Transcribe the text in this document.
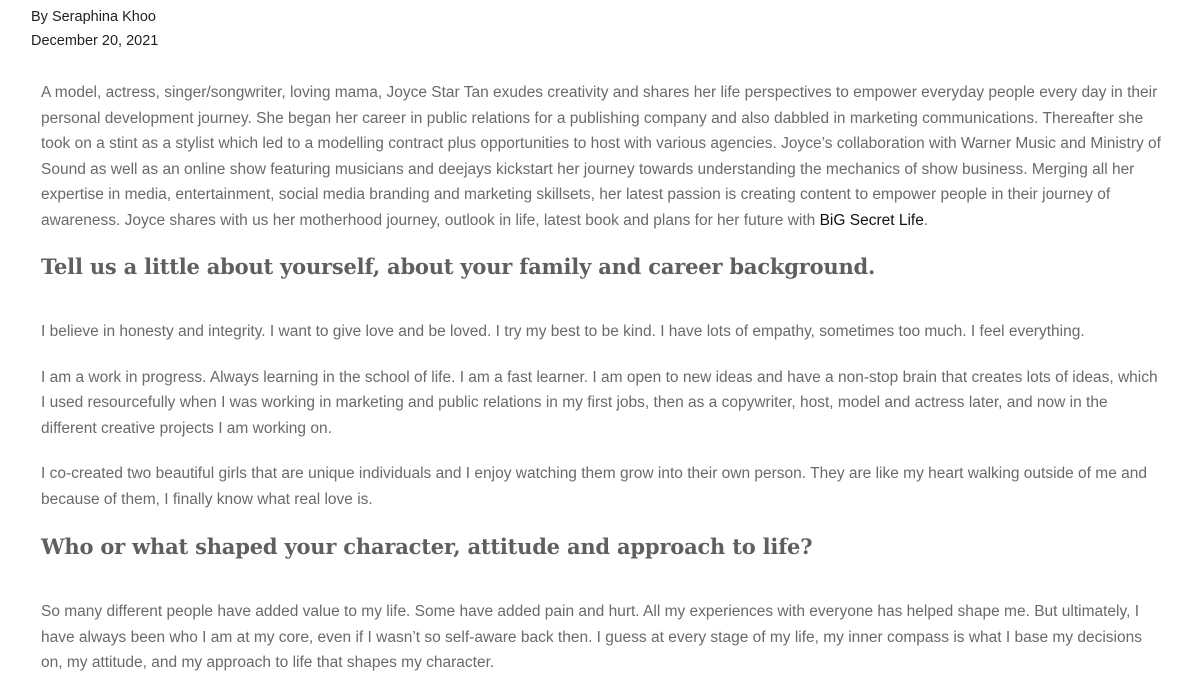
By Seraphina Khoo
December 20, 2021

A model, actress, singer/songwriter, loving mama, Joyce Star Tan exudes creativity and shares her life perspectives to empower everyday people every day in their personal development journey. She began her career in public relations for a publishing company and also dabbled in marketing communications. Thereafter she took on a stint as a stylist which led to a modelling contract plus opportunities to host with various agencies. Joyce’s collaboration with Warner Music and Ministry of Sound as well as an online show featuring musicians and deejays kickstart her journey towards understanding the mechanics of show business. Merging all her expertise in media, entertainment, social media branding and marketing skillsets, her latest passion is creating content to empower people in their journey of awareness. Joyce shares with us her motherhood journey, outlook in life, latest book and plans for her future with BiG Secret Life.

Tell us a little about yourself, about your family and career background.

I believe in honesty and integrity. I want to give love and be loved. I try my best to be kind. I have lots of empathy, sometimes too much. I feel everything.

I am a work in progress. Always learning in the school of life. I am a fast learner. I am open to new ideas and have a non-stop brain that creates lots of ideas, which I used resourcefully when I was working in marketing and public relations in my first jobs, then as a copywriter, host, model and actress later, and now in the different creative projects I am working on.

I co-created two beautiful girls that are unique individuals and I enjoy watching them grow into their own person. They are like my heart walking outside of me and because of them, I finally know what real love is.

Who or what shaped your character, attitude and approach to life?

So many different people have added value to my life. Some have added pain and hurt. All my experiences with everyone has helped shape me. But ultimately, I have always been who I am at my core, even if I wasn’t so self-aware back then. I guess at every stage of my life, my inner compass is what I base my decisions on, my attitude, and my approach to life that shapes my character.
